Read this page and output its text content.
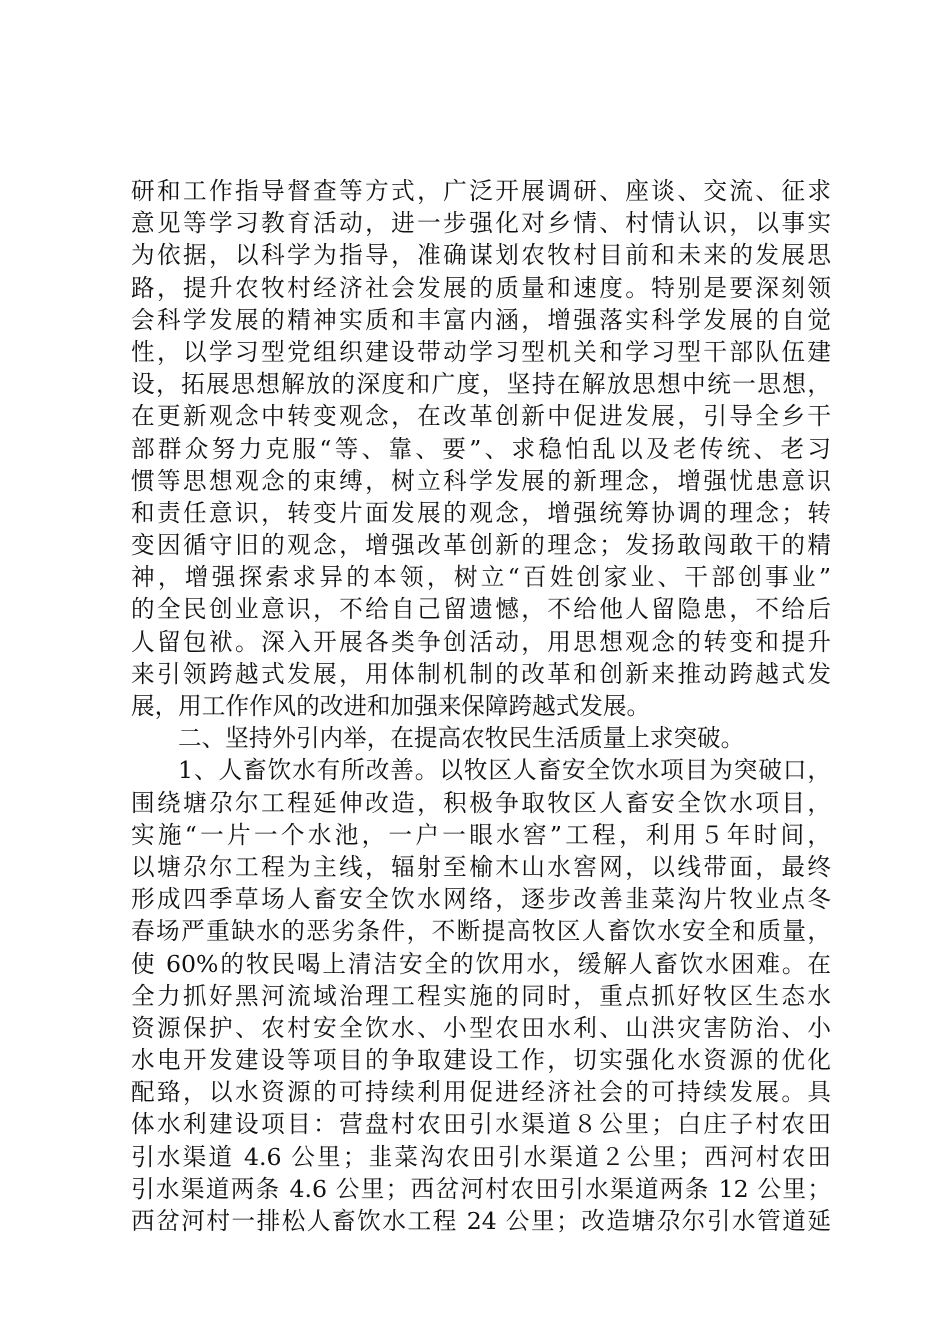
研和工作指导督查等方式，广泛开展调研、座谈、交流、征求
意见等学习教育活动，进一步强化对乡情、村情认识，以事实
为依据，以科学为指导，准确谋划农牧村目前和未来的发展思
路，提升农牧村经济社会发展的质量和速度。特别是要深刻领
会科学发展的精神实质和丰富内涵，增强落实科学发展的自觉
性，以学习型党组织建设带动学习型机关和学习型干部队伍建
设，拓展思想解放的深度和广度，坚持在解放思想中统一思想，
在更新观念中转变观念，在改革创新中促进发展，引导全乡干
部群众努力克服“等、靠、要”、求稳怕乱以及老传统、老习
惯等思想观念的束缚，树立科学发展的新理念，增强忧患意识
和责任意识，转变片面发展的观念，增强统筹协调的理念；转
变因循守旧的观念，增强改革创新的理念；发扬敢闯敢干的精
神，增强探索求异的本领，树立“百姓创家业、干部创事业”
的全民创业意识，不给自己留遗憾，不给他人留隐患，不给后
人留包袱。深入开展各类争创活动，用思想观念的转变和提升
来引领跨越式发展，用体制机制的改革和创新来推动跨越式发
展，用工作作风的改进和加强来保障跨越式发展。
二、坚持外引内举，在提高农牧民生活质量上求突破。
1、人畜饮水有所改善。以牧区人畜安全饮水项目为突破口，
围绕塘尕尔工程延伸改造，积极争取牧区人畜安全饮水项目，
实施“一片一个水池，一户一眼水窖”工程，利用５年时间，
以塘尕尔工程为主线，辐射至榆木山水窖网，以线带面，最终
形成四季草场人畜安全饮水网络，逐步改善韭菜沟片牧业点冬
春场严重缺水的恶劣条件，不断提高牧区人畜饮水安全和质量，
使 60%的牧民喝上清洁安全的饮用水，缓解人畜饮水困难。在
全力抓好黑河流域治理工程实施的同时，重点抓好牧区生态水
资源保护、农村安全饮水、小型农田水利、山洪灾害防治、小
水电开发建设等项目的争取建设工作，切实强化水资源的优化
配臵，以水资源的可持续利用促进经济社会的可持续发展。具
体水利建设项目：营盘村农田引水渠道８公里；白庄子村农田
引水渠道 4.6 公里；韭菜沟农田引水渠道２公里；西河村农田
引水渠道两条 4.6 公里；西岔河村农田引水渠道两条 12 公里；
西岔河村一排松人畜饮水工程 24 公里；改造塘尕尔引水管道延
